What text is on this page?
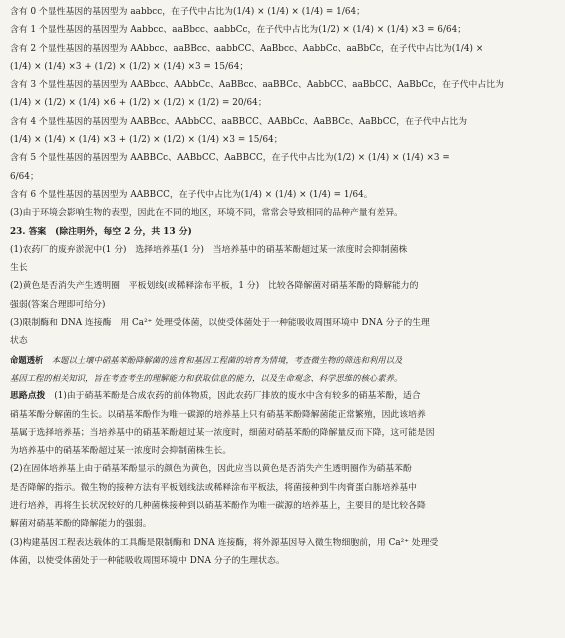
含有 0 个显性基因的基因型为 aabbcc，在子代中占比为(1/4) × (1/4) × (1/4) = 1/64；
含有 1 个显性基因的基因型为 Aabbcc、aaBbcc、aabbCc，在子代中占比为(1/2) × (1/4) × (1/4) ×3 = 6/64；
含有 2 个显性基因的基因型为 AAbbcc、aaBBcc、aabbCC、AaBbcc、AabbCc、aaBbCc，在子代中占比为(1/4) ×
(1/4) × (1/4) ×3 + (1/2) × (1/2) × (1/4) ×3 = 15/64；
含有 3 个显性基因的基因型为 AABbcc、AAbbCc、AaBBcc、aaBBCc、AabbCC、aaBbCC、AaBbCc，在子代中占比为
(1/4) × (1/2) × (1/4) ×6 + (1/2) × (1/2) × (1/2) = 20/64；
含有 4 个显性基因的基因型为 AABBcc、AAbbCC、aaBBCC、AABbCc、AaBBCc、AaBbCC，在子代中占比为
(1/4) × (1/4) × (1/4) ×3 + (1/2) × (1/2) × (1/4) ×3 = 15/64；
含有 5 个显性基因的基因型为 AABBCc、AABbCC、AaBBCC，在子代中占比为(1/2) × (1/4) × (1/4) ×3 =
6/64；
含有 6 个显性基因的基因型为 AABBCC，在子代中占比为(1/4) × (1/4) × (1/4) = 1/64。
(3)由于环境会影响生物的表型，因此在不同的地区，环境不同，常常会导致相同的品种产量有差异。
23. 答案　(除注明外，每空 2 分，共 13 分)
(1)农药厂的废弃淤泥中(1 分)　选择培养基(1 分)　当培养基中的硝基苯酚超过某一浓度时会抑制菌株
生长
(2)黄色是否消失产生透明圈　平板划线(或稀释涂布平板，1 分)　比较各降解菌对硝基苯酚的降解能力的
强弱(答案合理即可给分)
(3)限制酶和 DNA 连接酶　用 Ca²⁺ 处理受体菌，以使受体菌处于一种能吸收周围环境中 DNA 分子的生理
状态
命题透析　 本题以土壤中硝基苯酚降解菌的选育和基因工程菌的培育为情境，考查微生物的筛选和利用以及
基因工程的相关知识，旨在考查考生的理解能力和获取信息的能力，以及生命观念、科学思维的核心素养。
思路点拨　 (1)由于硝基苯酚是合成农药的前体物质，因此农药厂排放的废水中含有较多的硝基苯酚，适合
硝基苯酚分解菌的生长。以硝基苯酚作为唯一碳源的培养基上只有硝基苯酚降解菌能正常繁殖，因此该培养
基属于选择培养基；当培养基中的硝基苯酚超过某一浓度时，细菌对硝基苯酚的降解量反而下降，这可能是因
为培养基中的硝基苯酚超过某一浓度时会抑制菌株生长。
(2)在固体培养基上由于硝基苯酚显示的颜色为黄色，因此应当以黄色是否消失产生透明圈作为硝基苯酚
是否降解的指示。微生物的接种方法有平板划线法或稀释涂布平板法，将菌接种到牛肉膏蛋白胨培养基中
进行培养，再将生长状况较好的几种菌株接种到以硝基苯酚作为唯一碳源的培养基上，主要目的是比较各降
解菌对硝基苯酚的降解能力的强弱。
(3)构建基因工程表达载体的工具酶是限制酶和 DNA 连接酶，将外源基因导入微生物细胞前，用 Ca²⁺ 处理受
体菌，以使受体菌处于一种能吸收周围环境中 DNA 分子的生理状态。
